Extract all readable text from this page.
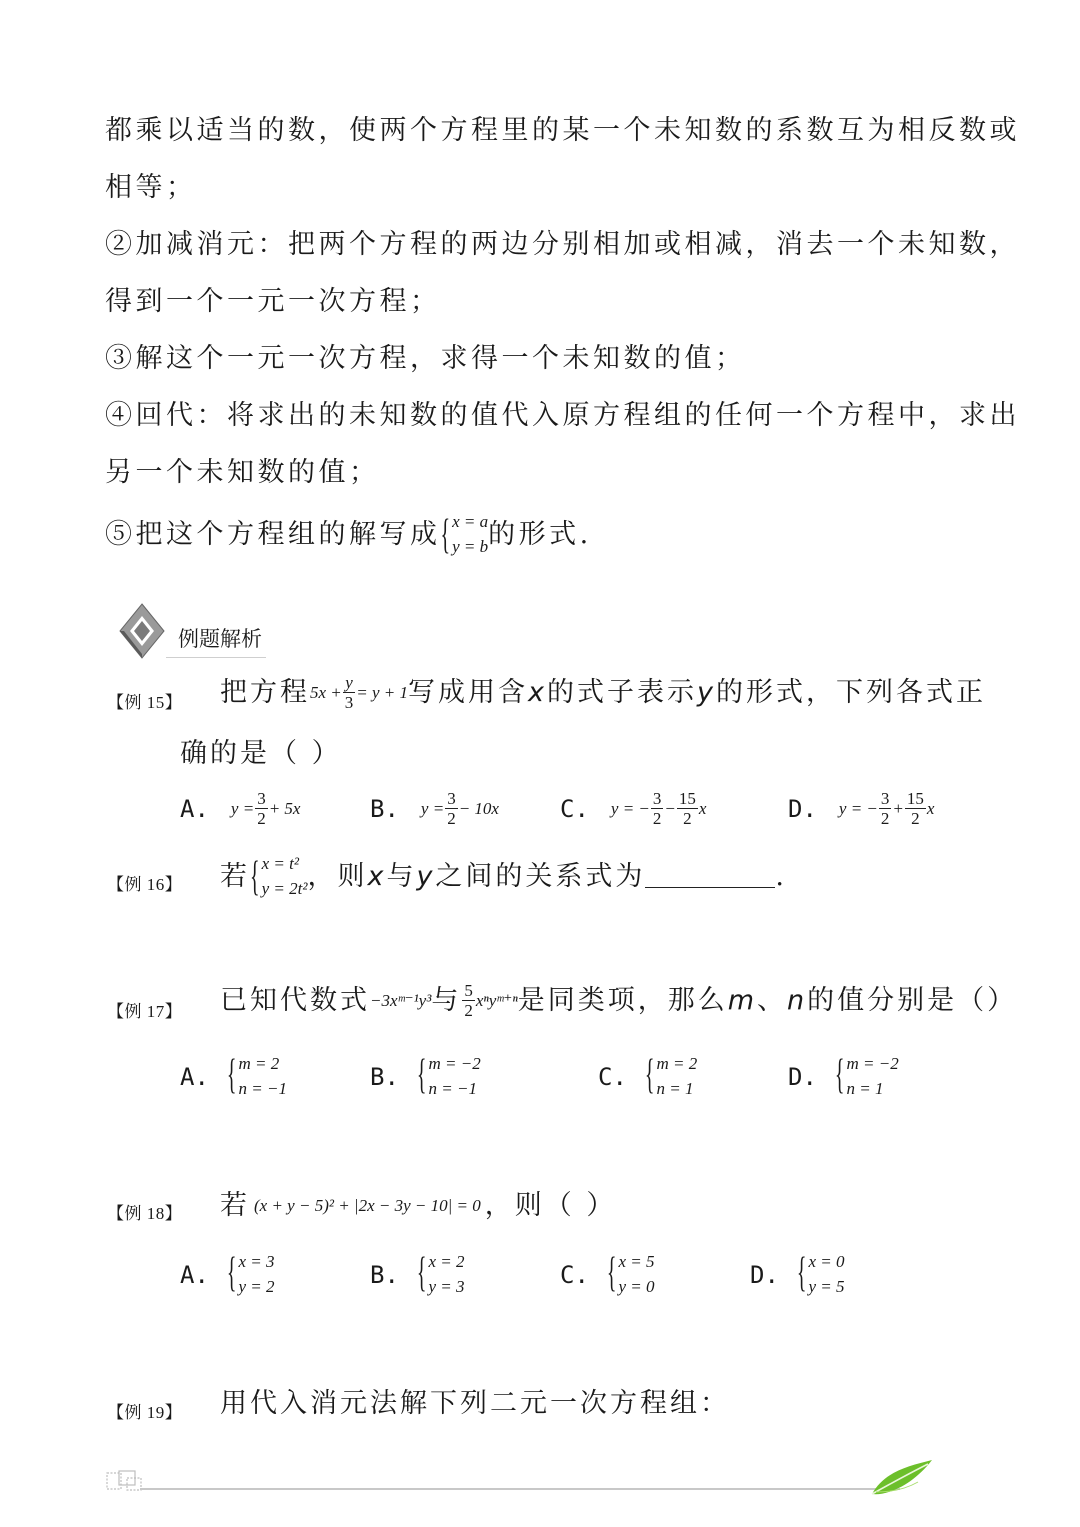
都乘以适当的数，使两个方程里的某一个未知数的系数互为相反数或
相等；
②加减消元：把两个方程的两边分别相加或相减，消去一个未知数，
得到一个一元一次方程；
③解这个一元一次方程，求得一个未知数的值；
④回代：将求出的未知数的值代入原方程组的任何一个方程中，求出
另一个未知数的值；
⑤把这个方程组的解写成 { x = a
y = b 的形式.
例题解析
【例 15】 把方程 $5x + \frac{y}{3} = y + 1$ 写成用含 x 的式子表示 y 的形式，下列各式正
确的是（ ）
A. $y = \frac{3}{2} + 5x$	B. $y = \frac{3}{2} - 10x$	C. y = − $\frac{3}{2} - \frac{15}{2}$ x	D. y = − $\frac{3}{2} + \frac{15}{2}$ x
【例 16】 若 { x = t²
y = 2t² ，则 x 与 y 之间的关系式为	.
【例 17】 已知代数式 −3xᵐ⁻¹y³ 与 $\frac{5}{2}$ xⁿyᵐ⁺ⁿ 是同类项，那么 m 、 n 的值分别是（）
A. { m = 2
n = −1	B. { m = −2
n = −1	C. { m = 2
n = 1	D. { m = −2
n = 1
【例 18】 若 (x + y − 5)² + |2x − 3y − 10| = 0 ，则（ ）
A. { x = 3
y = 2	B. { x = 2
y = 3	C. { x = 5
y = 0	D. { x = 0
y = 5
【例 19】 用代入消元法解下列二元一次方程组：
